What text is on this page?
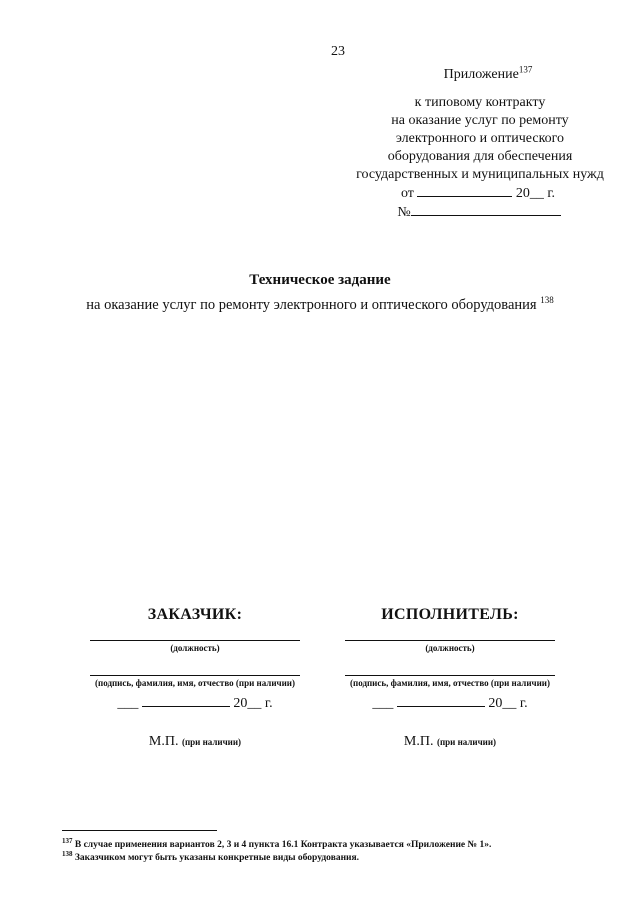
23
Приложение$^{137}$
к типовому контракту
на оказание услуг по ремонту
электронного и оптического
оборудования для обеспечения
государственных и муниципальных нужд
от	20__ г.
№
Техническое задание
на оказание услуг по ремонту электронного и оптического оборудования $^{138}$
ЗАКАЗЧИК:
(должность)
(подпись, фамилия, имя, отчество (при наличии)
___	20__ г.
М.П. (при наличии)
ИСПОЛНИТЕЛЬ:
(должность)
(подпись, фамилия, имя, отчество (при наличии)
___	20__ г.
М.П. (при наличии)
$^{137}$ В случае применения вариантов 2, 3 и 4 пункта 16.1 Контракта указывается «Приложение № 1».
$^{138}$ Заказчиком могут быть указаны конкретные виды оборудования.
